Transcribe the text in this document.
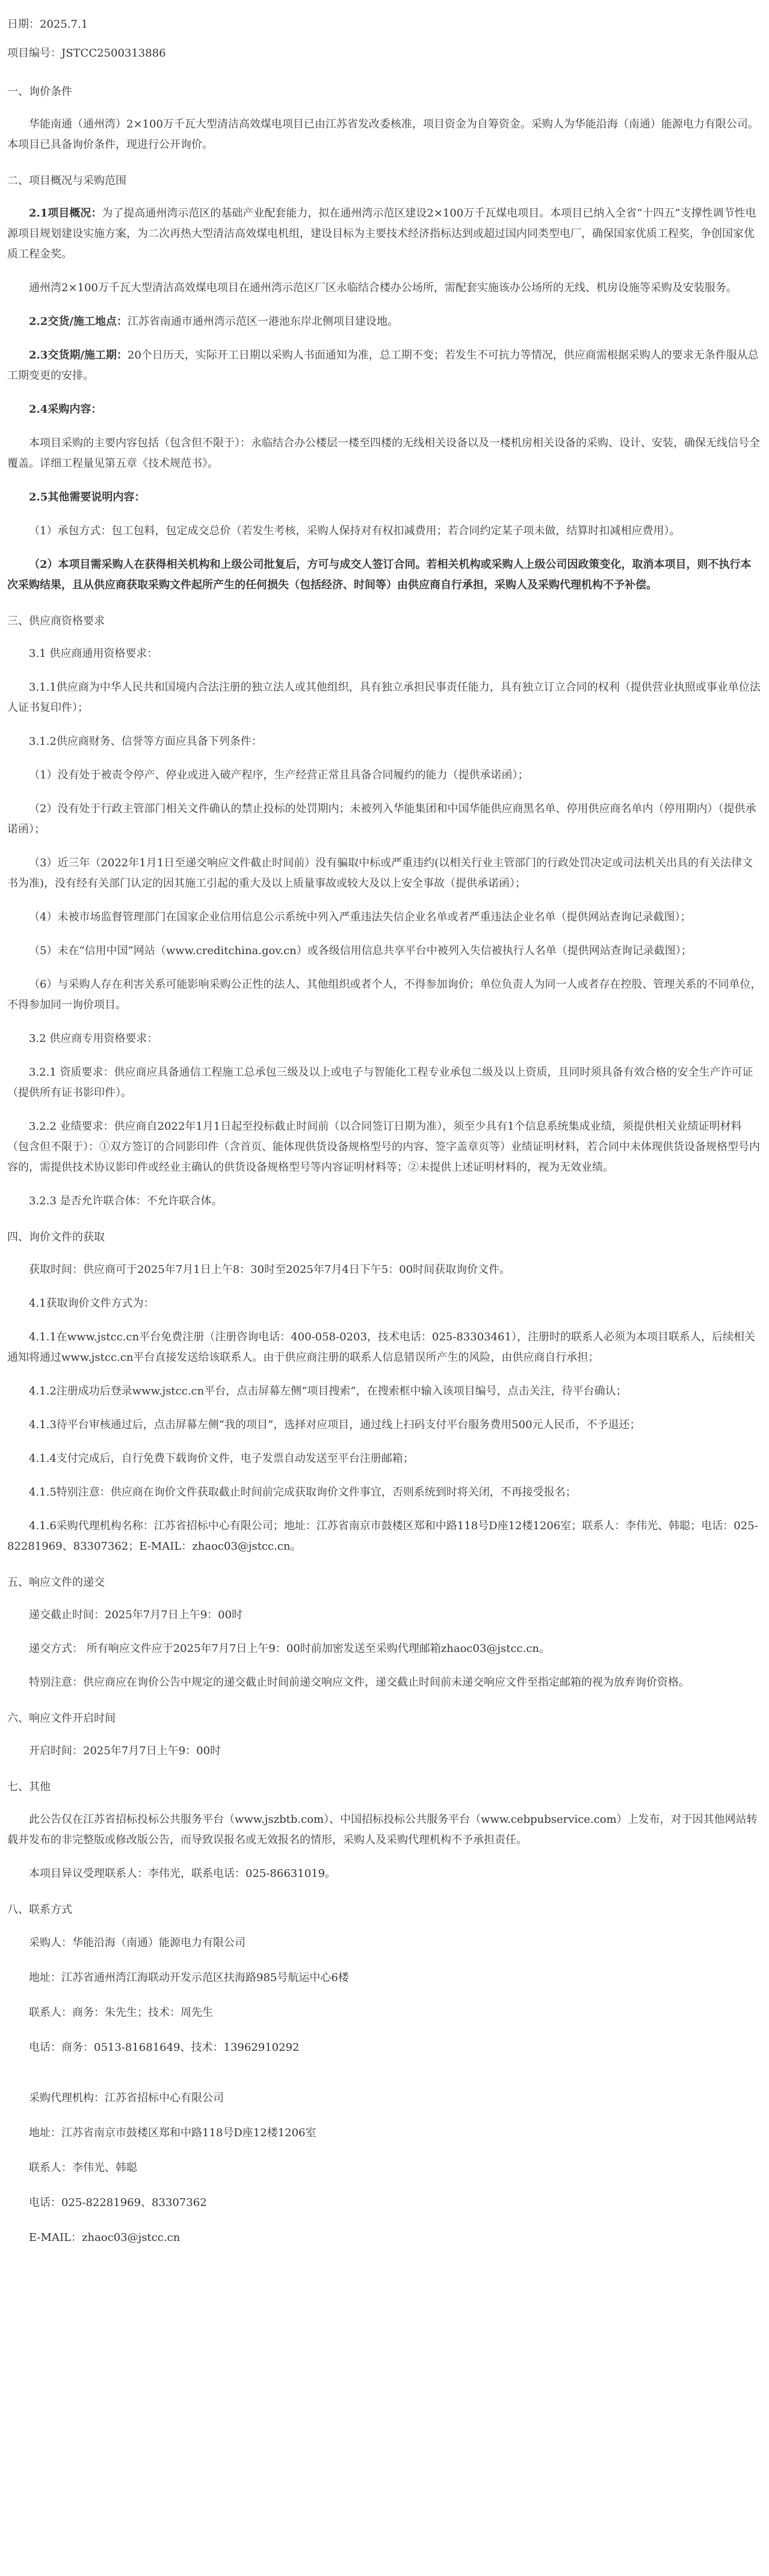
日期：2025.7.1
项目编号：JSTCC2500313886
一、询价条件

华能南通（通州湾）2×100万千瓦大型清洁高效煤电项目已由江苏省发改委核准，项目资金为自筹资金。采购人为华能沿海（南通）能源电力有限公司。本项目已具备询价条件，现进行公开询价。

二、项目概况与采购范围

2.1项目概况：为了提高通州湾示范区的基础产业配套能力，拟在通州湾示范区建设2×100万千瓦煤电项目。本项目已纳入全省“十四五”支撑性调节性电源项目规划建设实施方案，为二次再热大型清洁高效煤电机组，建设目标为主要技术经济指标达到或超过国内同类型电厂，确保国家优质工程奖，争创国家优质工程金奖。

通州湾2×100万千瓦大型清洁高效煤电项目在通州湾示范区厂区永临结合楼办公场所，需配套实施该办公场所的无线、机房设施等采购及安装服务。

2.2交货/施工地点：江苏省南通市通州湾示范区一港池东岸北侧项目建设地。

2.3交货期/施工期：20个日历天，实际开工日期以采购人书面通知为准，总工期不变；若发生不可抗力等情况，供应商需根据采购人的要求无条件服从总工期变更的安排。

2.4采购内容：

本项目采购的主要内容包括（包含但不限于）：永临结合办公楼层一楼至四楼的无线相关设备以及一楼机房相关设备的采购、设计、安装，确保无线信号全覆盖。详细工程量见第五章《技术规范书》。

2.5其他需要说明内容：

（1）承包方式：包工包料，包定成交总价（若发生考核，采购人保持对有权扣减费用；若合同约定某子项未做，结算时扣减相应费用）。

（2）本项目需采购人在获得相关机构和上级公司批复后，方可与成交人签订合同。若相关机构或采购人上级公司因政策变化，取消本项目，则不执行本次采购结果，且从供应商获取采购文件起所产生的任何损失（包括经济、时间等）由供应商自行承担，采购人及采购代理机构不予补偿。

三、供应商资格要求

3.1 供应商通用资格要求：

3.1.1供应商为中华人民共和国境内合法注册的独立法人或其他组织，具有独立承担民事责任能力，具有独立订立合同的权利（提供营业执照或事业单位法人证书复印件）；

3.1.2供应商财务、信誉等方面应具备下列条件：

（1）没有处于被责令停产、停业或进入破产程序，生产经营正常且具备合同履约的能力（提供承诺函）；

（2）没有处于行政主管部门相关文件确认的禁止投标的处罚期内；未被列入华能集团和中国华能供应商黑名单、停用供应商名单内（停用期内）（提供承诺函）；

（3）近三年（2022年1月1日至递交响应文件截止时间前）没有骗取中标或严重违约(以相关行业主管部门的行政处罚决定或司法机关出具的有关法律文书为准)，没有经有关部门认定的因其施工引起的重大及以上质量事故或较大及以上安全事故（提供承诺函）；

（4）未被市场监督管理部门在国家企业信用信息公示系统中列入严重违法失信企业名单或者严重违法企业名单（提供网站查询记录截图）；

（5）未在“信用中国”网站（www.creditchina.gov.cn）或各级信用信息共享平台中被列入失信被执行人名单（提供网站查询记录截图）；

（6）与采购人存在利害关系可能影响采购公正性的法人、其他组织或者个人，不得参加询价；单位负责人为同一人或者存在控股、管理关系的不同单位，不得参加同一询价项目。

3.2 供应商专用资格要求：

3.2.1 资质要求：供应商应具备通信工程施工总承包三级及以上或电子与智能化工程专业承包二级及以上资质，且同时须具备有效合格的安全生产许可证（提供所有证书影印件）。

3.2.2 业绩要求：供应商自2022年1月1日起至投标截止时间前（以合同签订日期为准），须至少具有1个信息系统集成业绩，须提供相关业绩证明材料（包含但不限于）：①双方签订的合同影印件（含首页、能体现供货设备规格型号的内容、签字盖章页等）业绩证明材料，若合同中未体现供货设备规格型号内容的，需提供技术协议影印件或经业主确认的供货设备规格型号等内容证明材料等；②未提供上述证明材料的，视为无效业绩。

3.2.3 是否允许联合体：不允许联合体。

四、询价文件的获取

获取时间：供应商可于2025年7月1日上午8：30时至2025年7月4日下午5：00时间获取询价文件。

4.1获取询价文件方式为：

4.1.1在www.jstcc.cn平台免费注册（注册咨询电话：400-058-0203，技术电话：025-83303461），注册时的联系人必须为本项目联系人，后续相关通知将通过www.jstcc.cn平台直接发送给该联系人。由于供应商注册的联系人信息错误所产生的风险，由供应商自行承担；

4.1.2注册成功后登录www.jstcc.cn平台，点击屏幕左侧“项目搜索”，在搜索框中输入该项目编号，点击关注，待平台确认；

4.1.3待平台审核通过后，点击屏幕左侧“我的项目”，选择对应项目，通过线上扫码支付平台服务费用500元人民币，不予退还；

4.1.4支付完成后，自行免费下载询价文件，电子发票自动发送至平台注册邮箱；

4.1.5特别注意：供应商在询价文件获取截止时间前完成获取询价文件事宜，否则系统到时将关闭，不再接受报名；

4.1.6采购代理机构名称：江苏省招标中心有限公司；地址：江苏省南京市鼓楼区郑和中路118号D座12楼1206室；联系人：李伟光、韩聪；电话：025-82281969、83307362；E-MAIL：zhaoc03@jstcc.cn。

五、响应文件的递交

递交截止时间：2025年7月7日上午9：00时

递交方式： 所有响应文件应于2025年7月7日上午9：00时前加密发送至采购代理邮箱zhaoc03@jstcc.cn。

特别注意：供应商应在询价公告中规定的递交截止时间前递交响应文件，递交截止时间前未递交响应文件至指定邮箱的视为放弃询价资格。

六、响应文件开启时间

开启时间：2025年7月7日上午9：00时

七、其他

此公告仅在江苏省招标投标公共服务平台（www.jszbtb.com）、中国招标投标公共服务平台（www.cebpubservice.com）上发布，对于因其他网站转载并发布的非完整版或修改版公告，而导致误报名或无效报名的情形，采购人及采购代理机构不予承担责任。

本项目异议受理联系人：李伟光，联系电话：025-86631019。

八、联系方式

采购人：华能沿海（南通）能源电力有限公司

地址：江苏省通州湾江海联动开发示范区扶海路985号航运中心6楼

联系人：商务：朱先生；技术：周先生

电话：商务：0513-81681649、技术：13962910292

采购代理机构：江苏省招标中心有限公司

地址：江苏省南京市鼓楼区郑和中路118号D座12楼1206室

联系人：李伟光、韩聪

电话：025-82281969、83307362

E-MAIL：zhaoc03@jstcc.cn
